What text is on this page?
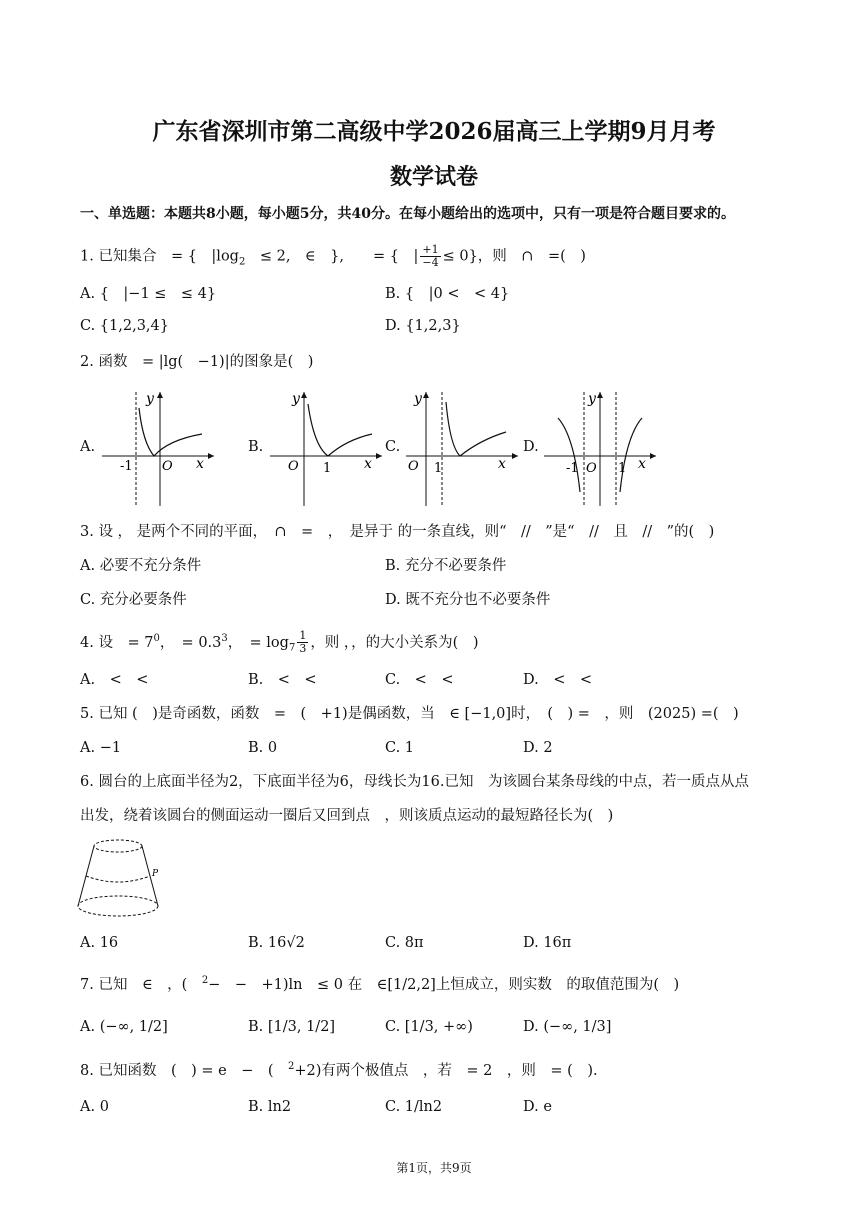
广东省深圳市第二高级中学2026届高三上学期9月月考
数学试卷
一、单选题：本题共8小题，每小题5分，共40分。在每小题给出的选项中，只有一项是符合题目要求的。
1. 已知集合　= {　$|\log_2$　≤ 2,　∈　},　　= {　| $\frac{+1}{-4} \le 0$}，则　∩　=(　)
A. {　|−1 ≤　≤ 4}	B. {　|0 <　< 4}
C. {1,2,3,4}	D. {1,2,3}
2. 函数　= |lg(　−1)|的图象是(　)
A.
y
x
O
-1
B.
y
x
O 1
C.
y
x
O 1
D.
y
x
O
-1	1
3. 设 ， 是两个不同的平面，　∩　=　，　是异于 的一条直线，则“　//　”是“　//　且　//　”的(　)
A. 必要不充分条件	B. 充分不必要条件
C. 充分必要条件	D. 既不充分也不必要条件
4. 设　= $7^0$，　= $0.3^3$，　= $\log_7 \frac{1}{3}$ ，则 ，，的大小关系为(　)
A.　<　<	B.　<　<	C.　<　<	D.　<　<
5. 已知 (　)是奇函数，函数　=　(　+1)是偶函数，当　∈ [−1,0]时，　(　) =　，则　(2025) =(　)
A. −1	B. 0	C. 1	D. 2
6. 圆台的上底面半径为2，下底面半径为6，母线长为16.已知　为该圆台某条母线的中点，若一质点从点
出发，绕着该圆台的侧面运动一圈后又回到点　，则该质点运动的最短路径长为(　)
P
A. 16	B. 16√2	C. 8π	D. 16π
7. 已知　∈　，(　$^2$−　−　+1)ln　≤ 0 在　∈[1/2,2]上恒成立，则实数　的取值范围为(　)
A. (−∞, 1/2]	B. [1/3, 1/2]	C. [1/3, +∞)	D. (−∞, 1/3]
8. 已知函数　(　) = e　−　(　$^2$+2)有两个极值点　，若　= 2　，则　= (　).
A. 0	B. ln2	C. 1/ln2	D. e
第1页，共9页
